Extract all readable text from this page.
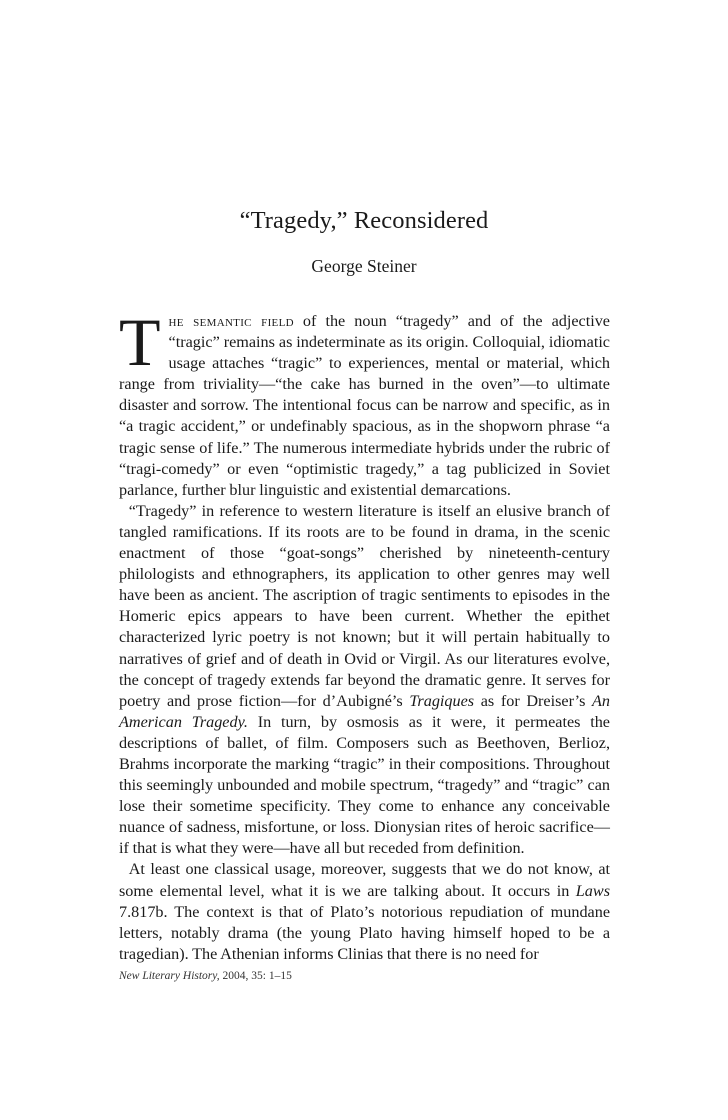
“Tragedy,” Reconsidered
George Steiner

The semantic field of the noun “tragedy” and of the adjective “tragic” remains as indeterminate as its origin. Colloquial, idiomatic usage attaches “tragic” to experiences, mental or material, which range from triviality—“the cake has burned in the oven”—to ultimate disaster and sorrow. The intentional focus can be narrow and specific, as in “a tragic accident,” or undefinably spacious, as in the shopworn phrase “a tragic sense of life.” The numerous intermediate hybrids under the rubric of “tragi-comedy” or even “optimistic tragedy,” a tag publicized in Soviet parlance, further blur linguistic and existential demarcations.

“Tragedy” in reference to western literature is itself an elusive branch of tangled ramifications. If its roots are to be found in drama, in the scenic enactment of those “goat-songs” cherished by nineteenth-century philologists and ethnographers, its application to other genres may well have been as ancient. The ascription of tragic sentiments to episodes in the Homeric epics appears to have been current. Whether the epithet characterized lyric poetry is not known; but it will pertain habitually to narratives of grief and of death in Ovid or Virgil. As our literatures evolve, the concept of tragedy extends far beyond the dramatic genre. It serves for poetry and prose fiction—for d’Aubigné’s Tragiques as for Dreiser’s An American Tragedy. In turn, by osmosis as it were, it permeates the descriptions of ballet, of film. Composers such as Beethoven, Berlioz, Brahms incorporate the marking “tragic” in their compositions. Throughout this seemingly unbounded and mobile spectrum, “tragedy” and “tragic” can lose their sometime specificity. They come to enhance any conceivable nuance of sadness, misfortune, or loss. Dionysian rites of heroic sacrifice—if that is what they were—have all but receded from definition.

At least one classical usage, moreover, suggests that we do not know, at some elemental level, what it is we are talking about. It occurs in Laws 7.817b. The context is that of Plato’s notorious repudiation of mundane letters, notably drama (the young Plato having himself hoped to be a tragedian). The Athenian informs Clinias that there is no need for

New Literary History, 2004, 35: 1–15
